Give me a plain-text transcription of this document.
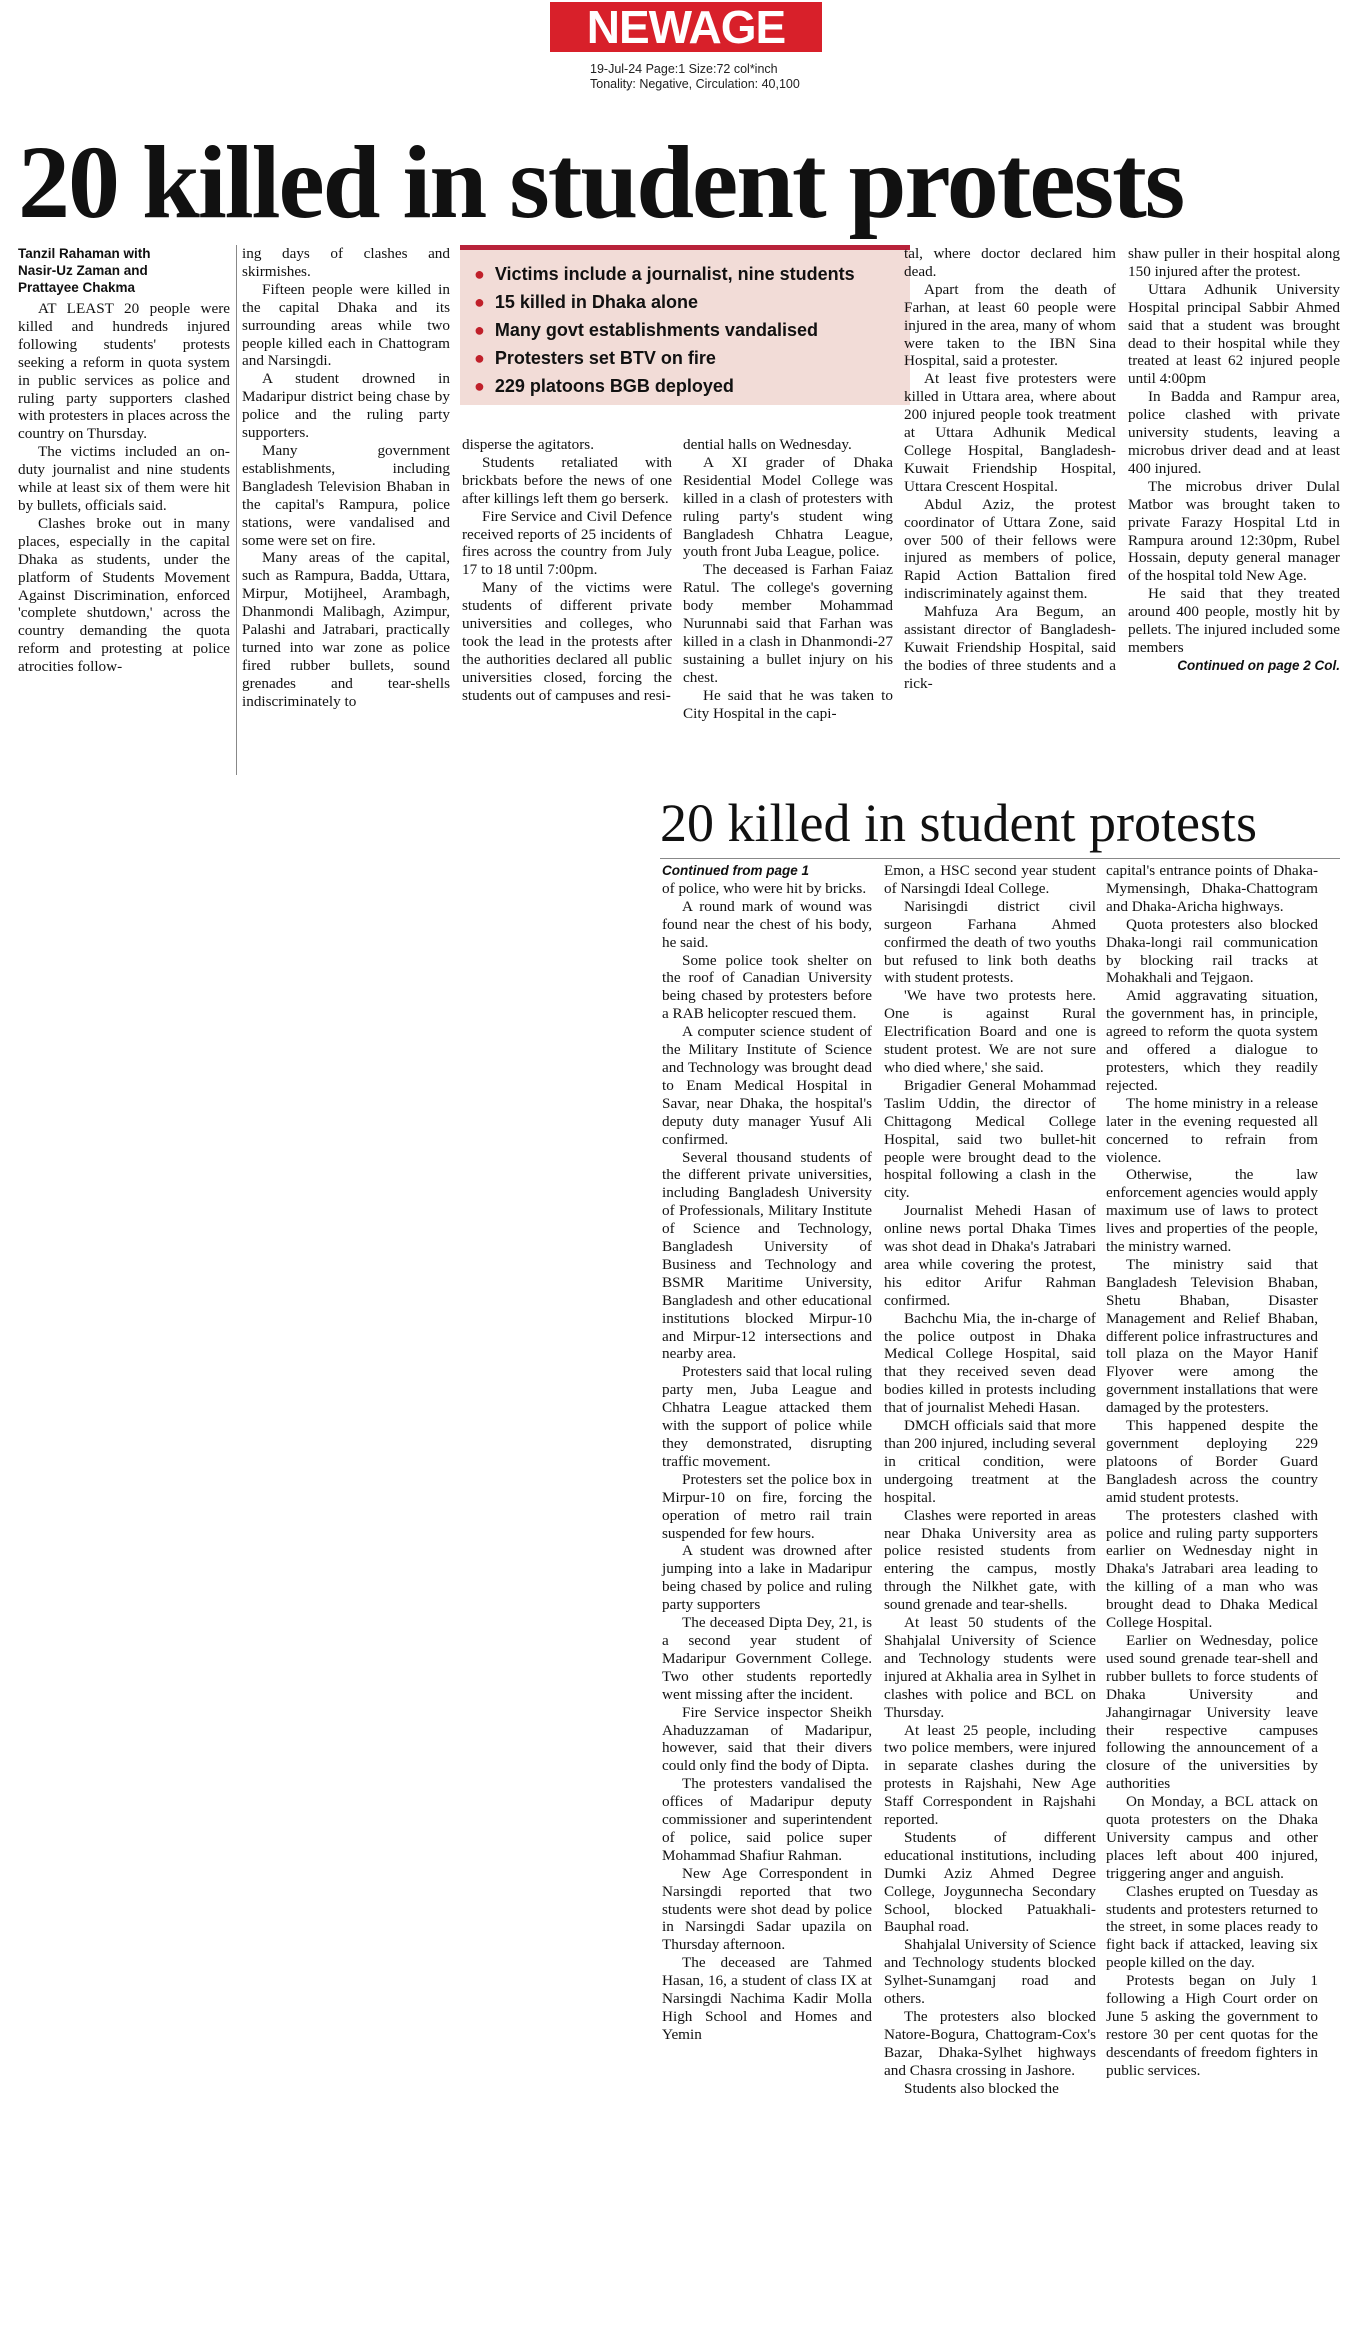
NEWAGE
19-Jul-24 Page:1 Size:72 col*inch
Tonality: Negative, Circulation: 40,100
20 killed in student protests
Tanzil Rahaman with
Nasir-Uz Zaman and
Prattayee Chakma

AT LEAST 20 people were killed and hundreds injured following students' protests seeking a reform in quota system in public services as police and ruling party supporters clashed with protesters in places across the country on Thursday.

The victims included an on-duty journalist and nine students while at least six of them were hit by bullets, officials said.

Clashes broke out in many places, especially in the capital Dhaka as students, under the platform of Students Movement Against Discrimination, enforced 'complete shutdown,' across the country demanding the quota reform and protesting at police atrocities follow-

ing days of clashes and skirmishes.

Fifteen people were killed in the capital Dhaka and its surrounding areas while two people killed each in Chattogram and Narsingdi.

A student drowned in Madaripur district being chase by police and the ruling party supporters.

Many government establishments, including Bangladesh Television Bhaban in the capital's Rampura, police stations, were vandalised and some were set on fire.

Many areas of the capital, such as Rampura, Badda, Uttara, Mirpur, Motijheel, Arambagh, Dhanmondi Malibagh, Azimpur, Palashi and Jatrabari, practically turned into war zone as police fired rubber bullets, sound grenades and tear-shells indiscriminately to

● Victims include a journalist, nine students
● 15 killed in Dhaka alone
● Many govt establishments vandalised
● Protesters set BTV on fire
● 229 platoons BGB deployed

disperse the agitators.

Students retaliated with brickbats before the news of one after killings left them go berserk.

Fire Service and Civil Defence received reports of 25 incidents of fires across the country from July 17 to 18 until 7:00pm.

Many of the victims were students of different private universities and colleges, who took the lead in the protests after the authorities declared all public universities closed, forcing the students out of campuses and resi-

dential halls on Wednesday.

A XI grader of Dhaka Residential Model College was killed in a clash of protesters with ruling party's student wing Bangladesh Chhatra League, youth front Juba League, police.

The deceased is Farhan Faiaz Ratul. The college's governing body member Mohammad Nurunnabi said that Farhan was killed in a clash in Dhanmondi-27 sustaining a bullet injury on his chest.

He said that he was taken to City Hospital in the capi-

tal, where doctor declared him dead.

Apart from the death of Farhan, at least 60 people were injured in the area, many of whom were taken to the IBN Sina Hospital, said a protester.

At least five protesters were killed in Uttara area, where about 200 injured people took treatment at Uttara Adhunik Medical College Hospital, Bangladesh-Kuwait Friendship Hospital, Uttara Crescent Hospital.

Abdul Aziz, the protest coordinator of Uttara Zone, said over 500 of their fellows were injured as members of police, Rapid Action Battalion fired indiscriminately against them.

Mahfuza Ara Begum, an assistant director of Bangladesh-Kuwait Friendship Hospital, said the bodies of three students and a rick-

shaw puller in their hospital along 150 injured after the protest.

Uttara Adhunik University Hospital principal Sabbir Ahmed said that a student was brought dead to their hospital while they treated at least 62 injured people until 4:00pm

In Badda and Rampur area, police clashed with private university students, leaving a microbus driver dead and at least 400 injured.

The microbus driver Dulal Matbor was brought taken to private Farazy Hospital Ltd in Rampura around 12:30pm, Rubel Hossain, deputy general manager of the hospital told New Age.

He said that they treated around 400 people, mostly hit by pellets. The injured included some members

Continued on page 2 Col.
20 killed in student protests
Continued from page 1

of police, who were hit by bricks.

A round mark of wound was found near the chest of his body, he said.

Some police took shelter on the roof of Canadian University being chased by protesters before a RAB helicopter rescued them.

A computer science student of the Military Institute of Science and Technology was brought dead to Enam Medical Hospital in Savar, near Dhaka, the hospital's deputy duty manager Yusuf Ali confirmed.

Several thousand students of the different private universities, including Bangladesh University of Professionals, Military Institute of Science and Technology, Bangladesh University of Business and Technology and BSMR Maritime University, Bangladesh and other educational institutions blocked Mirpur-10 and Mirpur-12 intersections and nearby area.

Protesters said that local ruling party men, Juba League and Chhatra League attacked them with the support of police while they demonstrated, disrupting traffic movement.

Protesters set the police box in Mirpur-10 on fire, forcing the operation of metro rail train suspended for few hours.

A student was drowned after jumping into a lake in Madaripur being chased by police and ruling party supporters

The deceased Dipta Dey, 21, is a second year student of Madaripur Government College. Two other students reportedly went missing after the incident.

Fire Service inspector Sheikh Ahaduzzaman of Madaripur, however, said that their divers could only find the body of Dipta.

The protesters vandalised the offices of Madaripur deputy commissioner and superintendent of police, said police super Mohammad Shafiur Rahman.

New Age Correspondent in Narsingdi reported that two students were shot dead by police in Narsingdi Sadar upazila on Thursday afternoon.

The deceased are Tahmed Hasan, 16, a student of class IX at Narsingdi Nachima Kadir Molla High School and Homes and Yemin

Emon, a HSC second year student of Narsingdi Ideal College.

Narisingdi district civil surgeon Farhana Ahmed confirmed the death of two youths but refused to link both deaths with student protests.

'We have two protests here. One is against Rural Electrification Board and one is student protest. We are not sure who died where,' she said.

Brigadier General Mohammad Taslim Uddin, the director of Chittagong Medical College Hospital, said two bullet-hit people were brought dead to the hospital following a clash in the city.

Journalist Mehedi Hasan of online news portal Dhaka Times was shot dead in Dhaka's Jatrabari area while covering the protest, his editor Arifur Rahman confirmed.

Bachchu Mia, the in-charge of the police outpost in Dhaka Medical College Hospital, said that they received seven dead bodies killed in protests including that of journalist Mehedi Hasan.

DMCH officials said that more than 200 injured, including several in critical condition, were undergoing treatment at the hospital.

Clashes were reported in areas near Dhaka University area as police resisted students from entering the campus, mostly through the Nilkhet gate, with sound grenade and tear-shells.

At least 50 students of the Shahjalal University of Science and Technology students were injured at Akhalia area in Sylhet in clashes with police and BCL on Thursday.

At least 25 people, including two police members, were injured in separate clashes during the protests in Rajshahi, New Age Staff Correspondent in Rajshahi reported.

Students of different educational institutions, including Dumki Aziz Ahmed Degree College, Joygunnecha Secondary School, blocked Patuakhali-Bauphal road.

Shahjalal University of Science and Technology students blocked Sylhet-Sunamganj road and others.

The protesters also blocked Natore-Bogura, Chattogram-Cox's Bazar, Dhaka-Sylhet highways and Chasra crossing in Jashore.

Students also blocked the

capital's entrance points of Dhaka-Mymensingh, Dhaka-Chattogram and Dhaka-Aricha highways.

Quota protesters also blocked Dhaka-longi rail communication by blocking rail tracks at Mohakhali and Tejgaon.

Amid aggravating situation, the government has, in principle, agreed to reform the quota system and offered a dialogue to protesters, which they readily rejected.

The home ministry in a release later in the evening requested all concerned to refrain from violence.

Otherwise, the law enforcement agencies would apply maximum use of laws to protect lives and properties of the people, the ministry warned.

The ministry said that Bangladesh Television Bhaban, Shetu Bhaban, Disaster Management and Relief Bhaban, different police infrastructures and toll plaza on the Mayor Hanif Flyover were among the government installations that were damaged by the protesters.

This happened despite the government deploying 229 platoons of Border Guard Bangladesh across the country amid student protests.

The protesters clashed with police and ruling party supporters earlier on Wednesday night in Dhaka's Jatrabari area leading to the killing of a man who was brought dead to Dhaka Medical College Hospital.

Earlier on Wednesday, police used sound grenade tear-shell and rubber bullets to force students of Dhaka University and Jahangirnagar University leave their respective campuses following the announcement of a closure of the universities by authorities

On Monday, a BCL attack on quota protesters on the Dhaka University campus and other places left about 400 injured, triggering anger and anguish.

Clashes erupted on Tuesday as students and protesters returned to the street, in some places ready to fight back if attacked, leaving six people killed on the day.

Protests began on July 1 following a High Court order on June 5 asking the government to restore 30 per cent quotas for the descendants of freedom fighters in public services.
